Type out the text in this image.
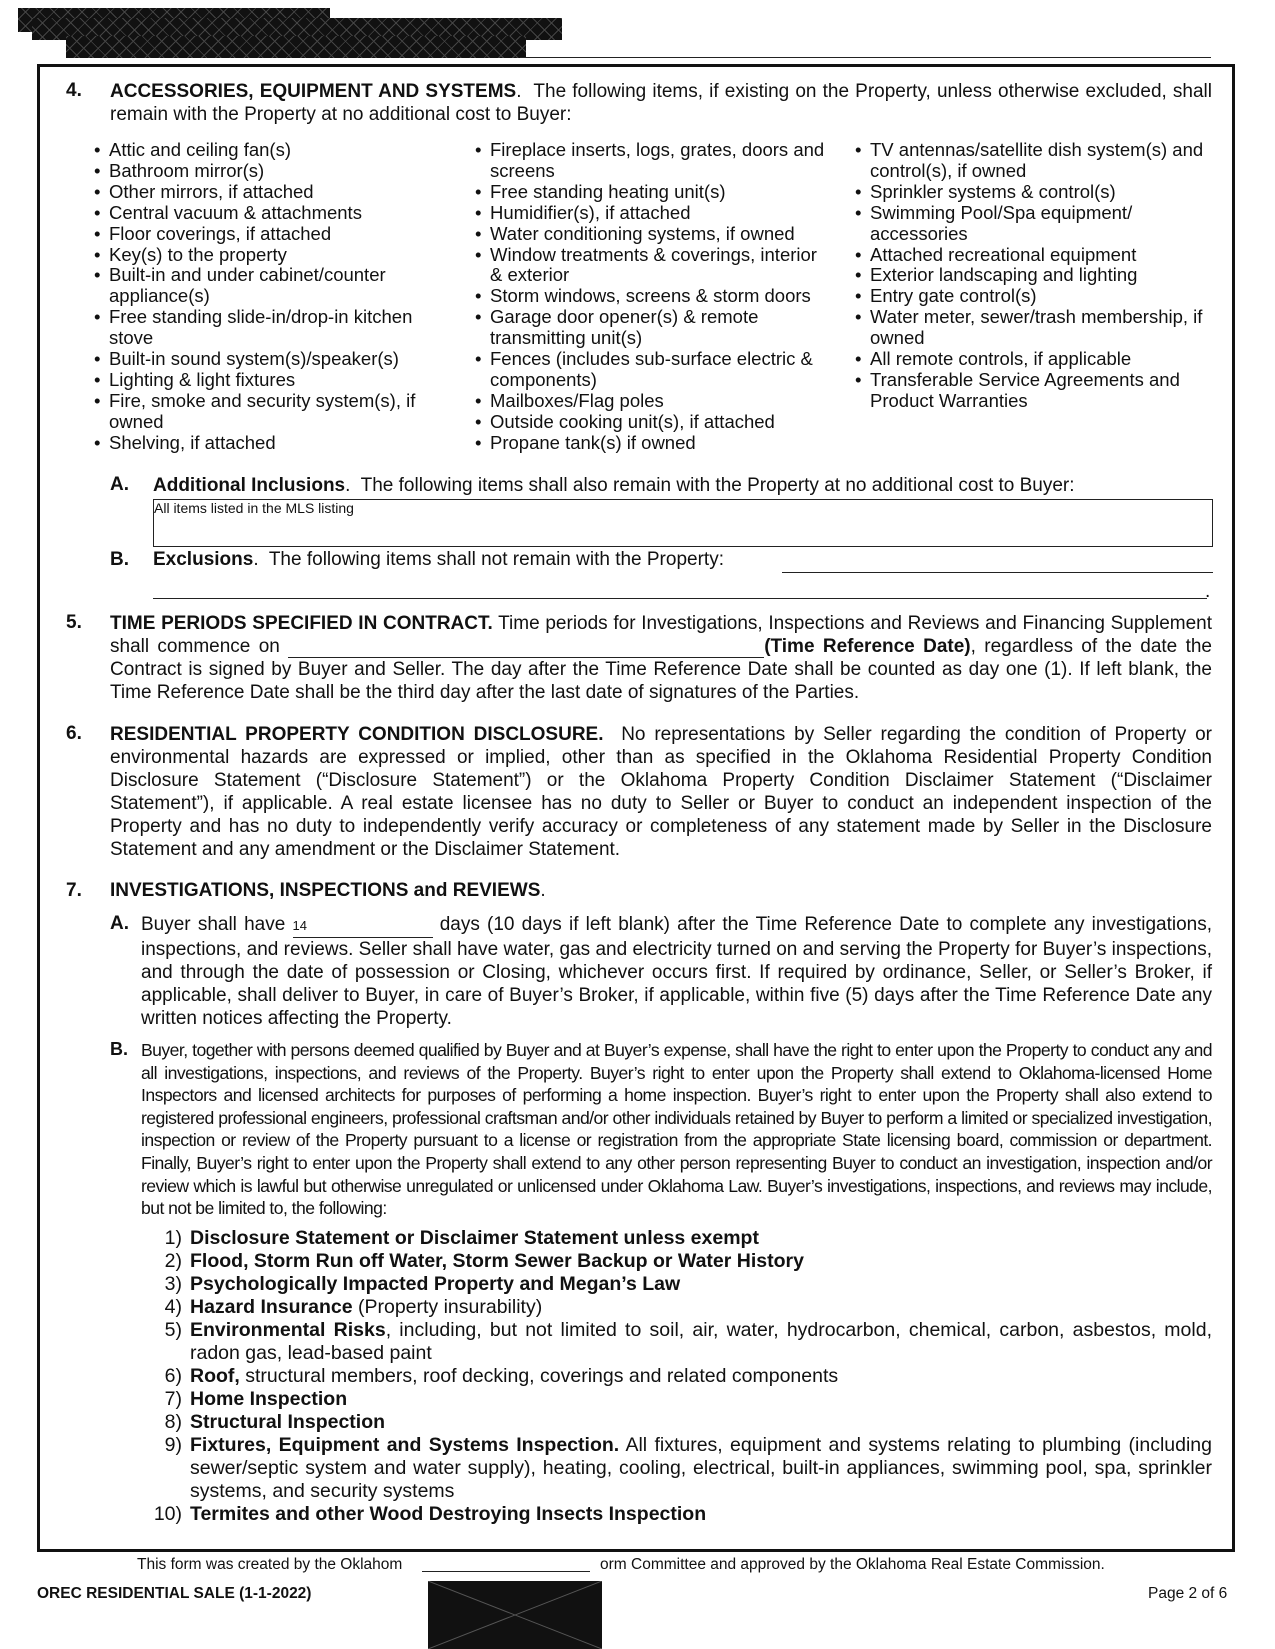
4. ACCESSORIES, EQUIPMENT AND SYSTEMS.  The following items, if existing on the Property, unless otherwise excluded, shall remain with the Property at no additional cost to Buyer:
• Attic and ceiling fan(s)
• Bathroom mirror(s)
• Other mirrors, if attached
• Central vacuum & attachments
• Floor coverings, if attached
• Key(s) to the property
• Built-in and under cabinet/counter appliance(s)
• Free standing slide-in/drop-in kitchen stove
• Built-in sound system(s)/speaker(s)
• Lighting & light fixtures
• Fire, smoke and security system(s), if owned
• Shelving, if attached
• Fireplace inserts, logs, grates, doors and screens
• Free standing heating unit(s)
• Humidifier(s), if attached
• Water conditioning systems, if owned
• Window treatments & coverings, interior & exterior
• Storm windows, screens & storm doors
• Garage door opener(s) & remote transmitting unit(s)
• Fences (includes sub-surface electric & components)
• Mailboxes/Flag poles
• Outside cooking unit(s), if attached
• Propane tank(s) if owned
• TV antennas/satellite dish system(s) and control(s), if owned
• Sprinkler systems & control(s)
• Swimming Pool/Spa equipment/ accessories
• Attached recreational equipment
• Exterior landscaping and lighting
• Entry gate control(s)
• Water meter, sewer/trash membership, if owned
• All remote controls, if applicable
• Transferable Service Agreements and Product Warranties
A. Additional Inclusions.  The following items shall also remain with the Property at no additional cost to Buyer:
All items listed in the MLS listing
B. Exclusions.  The following items shall not remain with the Property:
.
5. TIME PERIODS SPECIFIED IN CONTRACT. Time periods for Investigations, Inspections and Reviews and Financing Supplement shall commence on	(Time Reference Date), regardless of the date the Contract is signed by Buyer and Seller. The day after the Time Reference Date shall be counted as day one (1). If left blank, the Time Reference Date shall be the third day after the last date of signatures of the Parties.
6. RESIDENTIAL PROPERTY CONDITION DISCLOSURE. No representations by Seller regarding the condition of Property or environmental hazards are expressed or implied, other than as specified in the Oklahoma Residential Property Condition Disclosure Statement (“Disclosure Statement”) or the Oklahoma Property Condition Disclaimer Statement (“Disclaimer Statement”), if applicable. A real estate licensee has no duty to Seller or Buyer to conduct an independent inspection of the Property and has no duty to independently verify accuracy or completeness of any statement made by Seller in the Disclosure Statement and any amendment or the Disclaimer Statement.
7. INVESTIGATIONS, INSPECTIONS and REVIEWS.
A. Buyer shall have 14	days (10 days if left blank) after the Time Reference Date to complete any investigations, inspections, and reviews. Seller shall have water, gas and electricity turned on and serving the Property for Buyer’s inspections, and through the date of possession or Closing, whichever occurs first. If required by ordinance, Seller, or Seller’s Broker, if applicable, shall deliver to Buyer, in care of Buyer’s Broker, if applicable, within five (5) days after the Time Reference Date any written notices affecting the Property.
B. Buyer, together with persons deemed qualified by Buyer and at Buyer’s expense, shall have the right to enter upon the Property to conduct any and all investigations, inspections, and reviews of the Property. Buyer’s right to enter upon the Property shall extend to Oklahoma-licensed Home Inspectors and licensed architects for purposes of performing a home inspection. Buyer’s right to enter upon the Property shall also extend to registered professional engineers, professional craftsman and/or other individuals retained by Buyer to perform a limited or specialized investigation, inspection or review of the Property pursuant to a license or registration from the appropriate State licensing board, commission or department. Finally, Buyer’s right to enter upon the Property shall extend to any other person representing Buyer to conduct an investigation, inspection and/or review which is lawful but otherwise unregulated or unlicensed under Oklahoma Law. Buyer’s investigations, inspections, and reviews may include, but not be limited to, the following:
1) Disclosure Statement or Disclaimer Statement unless exempt
2) Flood, Storm Run off Water, Storm Sewer Backup or Water History
3) Psychologically Impacted Property and Megan’s Law
4) Hazard Insurance (Property insurability)
5) Environmental Risks, including, but not limited to soil, air, water, hydrocarbon, chemical, carbon, asbestos, mold, radon gas, lead-based paint
6) Roof, structural members, roof decking, coverings and related components
7) Home Inspection
8) Structural Inspection
9) Fixtures, Equipment and Systems Inspection. All fixtures, equipment and systems relating to plumbing (including sewer/septic system and water supply), heating, cooling, electrical, built-in appliances, swimming pool, spa, sprinkler systems, and security systems
10) Termites and other Wood Destroying Insects Inspection
This form was created by the Oklahom	orm Committee and approved by the Oklahoma Real Estate Commission.
OREC RESIDENTIAL SALE (1-1-2022)	Page 2 of 6
